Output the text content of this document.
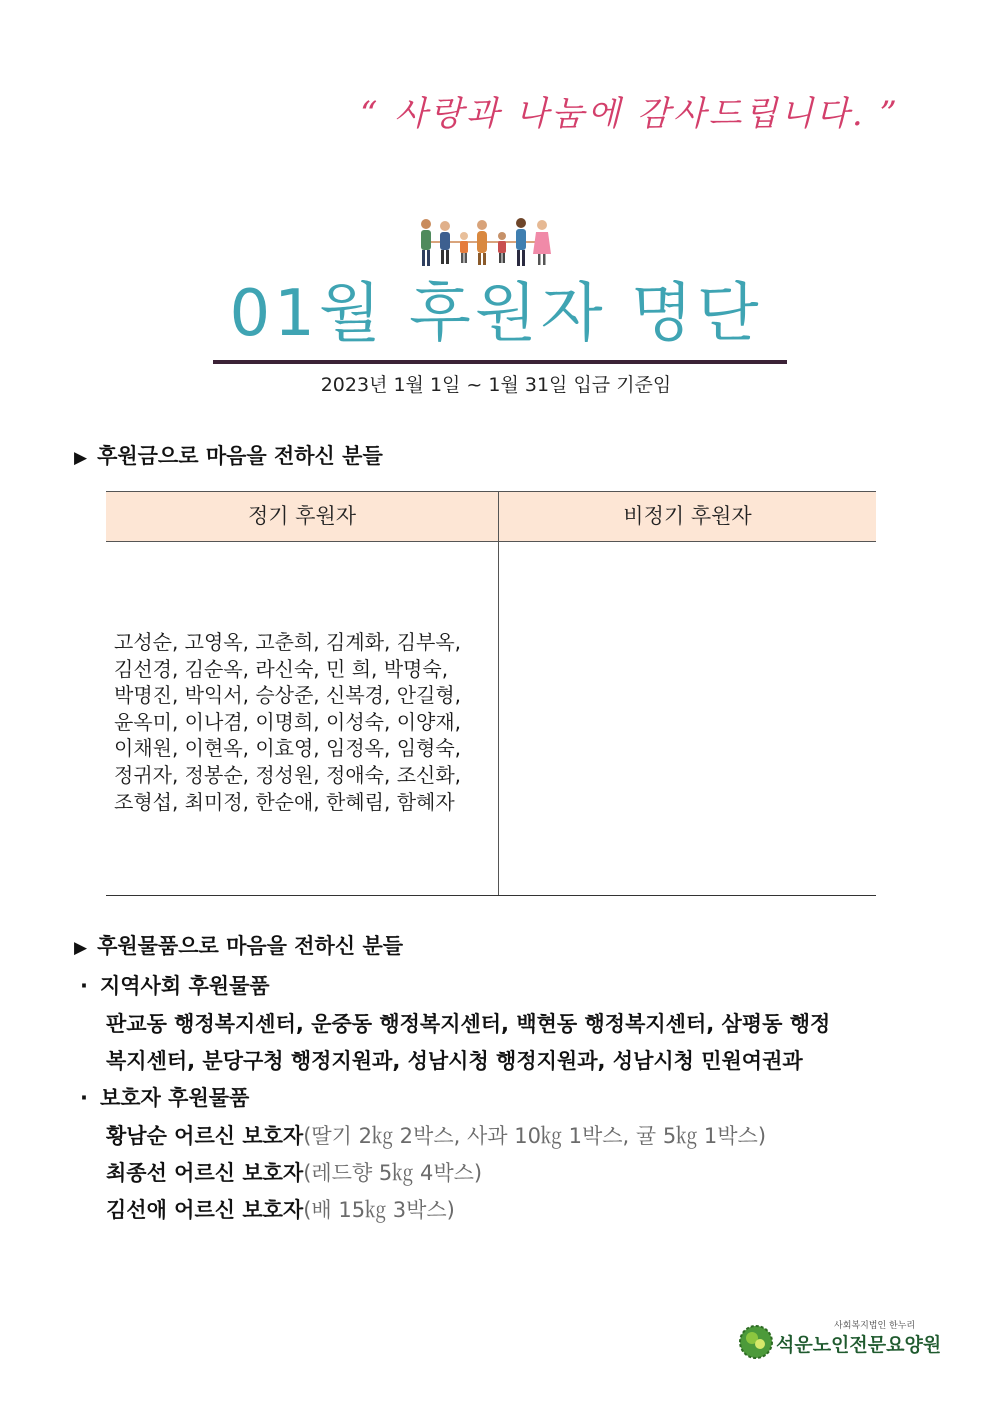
“ 사랑과 나눔에 감사드립니다. ”
01월 후원자 명단
2023년 1월 1일 ~ 1월 31일 입금 기준임
▶ 후원금으로 마음을 전하신 분들
정기 후원자	비정기 후원자
고성순, 고영옥, 고춘희, 김계화, 김부옥,
김선경, 김순옥, 라신숙, 민 희, 박명숙,
박명진, 박익서, 승상준, 신복경, 안길형,
윤옥미, 이나겸, 이명희, 이성숙, 이양재,
이채원, 이현옥, 이효영, 임정옥, 임형숙,
정귀자, 정봉순, 정성원, 정애숙, 조신화,
조형섭, 최미정, 한순애, 한혜림, 함혜자
▶ 후원물품으로 마음을 전하신 분들
· 지역사회 후원물품
판교동 행정복지센터, 운중동 행정복지센터, 백현동 행정복지센터, 삼평동 행정
복지센터, 분당구청 행정지원과, 성남시청 행정지원과, 성남시청 민원여권과
· 보호자 후원물품
황남순 어르신 보호자(딸기 2㎏ 2박스, 사과 10㎏ 1박스, 귤 5㎏ 1박스)
최종선 어르신 보호자(레드향 5㎏ 4박스)
김선애 어르신 보호자(배 15㎏ 3박스)
사회복지법인 한누리
석운노인전문요양원
